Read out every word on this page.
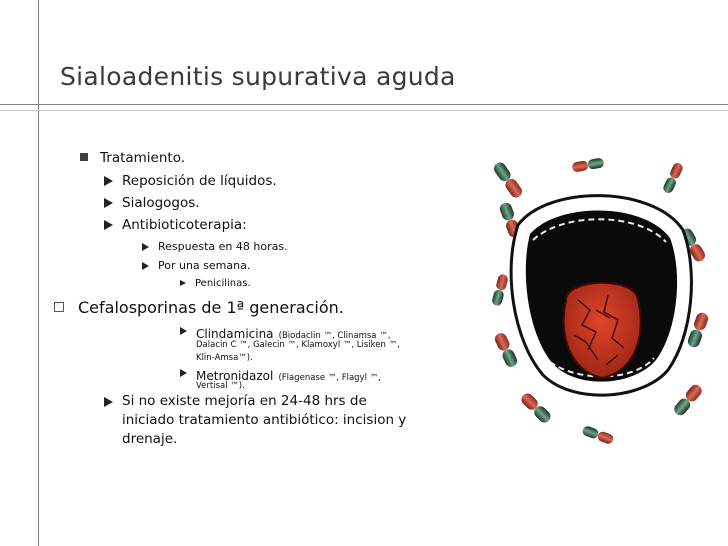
Sialoadenitis supurativa aguda
Tratamiento.
Reposición de líquidos.
Sialogogos.
Antibioticoterapia:
Respuesta en 48 horas.
Por una semana.
Penicilinas.
Cefalosporinas de 1ª generación.
Clindamicina (Biodaclin ™, Clinamsa ™,
Dalacin C ™, Galecin ™, Klamoxyl ™, Lisiken ™,
Klin-Amsa™).
Metronidazol (Flagenase ™, Flagyl ™,
Vertisal ™).
Si no existe mejoría en 24-48 hrs de
iniciado tratamiento antibiótico: incision y
drenaje.
